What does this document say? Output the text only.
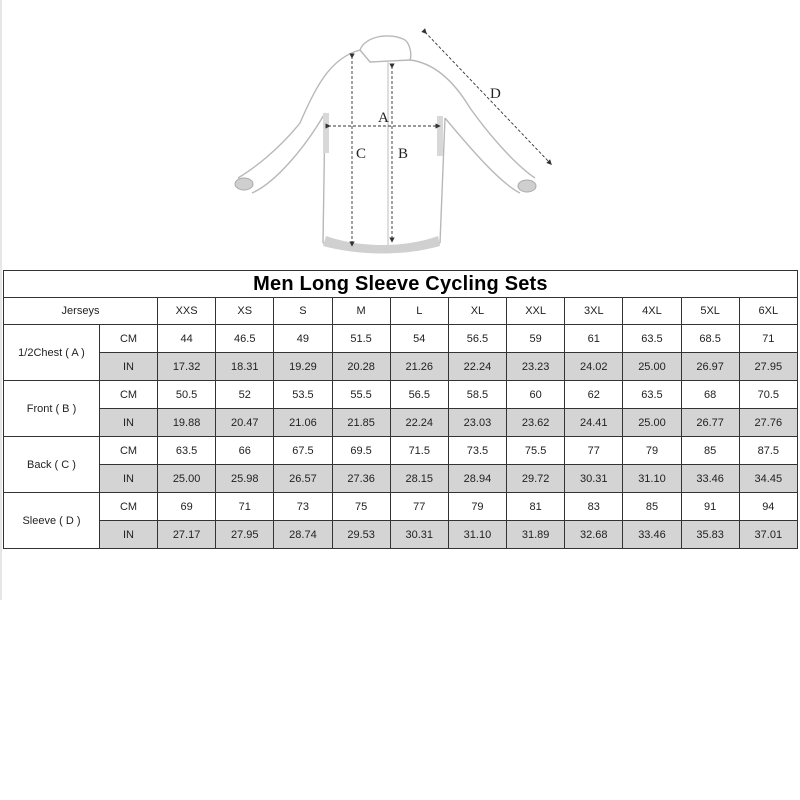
A
B
C
D
Men Long Sleeve Cycling Sets												
Jerseys		XXS	XS	S	M	L	XL	XXL	3XL	4XL	5XL	6XL
1/2Chest ( A )	CM	44	46.5	49	51.5	54	56.5	59	61	63.5	68.5	71
	IN	17.32	18.31	19.29	20.28	21.26	22.24	23.23	24.02	25.00	26.97	27.95
Front ( B )	CM	50.5	52	53.5	55.5	56.5	58.5	60	62	63.5	68	70.5
	IN	19.88	20.47	21.06	21.85	22.24	23.03	23.62	24.41	25.00	26.77	27.76
Back ( C )	CM	63.5	66	67.5	69.5	71.5	73.5	75.5	77	79	85	87.5
	IN	25.00	25.98	26.57	27.36	28.15	28.94	29.72	30.31	31.10	33.46	34.45
Sleeve ( D )	CM	69	71	73	75	77	79	81	83	85	91	94
	IN	27.17	27.95	28.74	29.53	30.31	31.10	31.89	32.68	33.46	35.83	37.01
